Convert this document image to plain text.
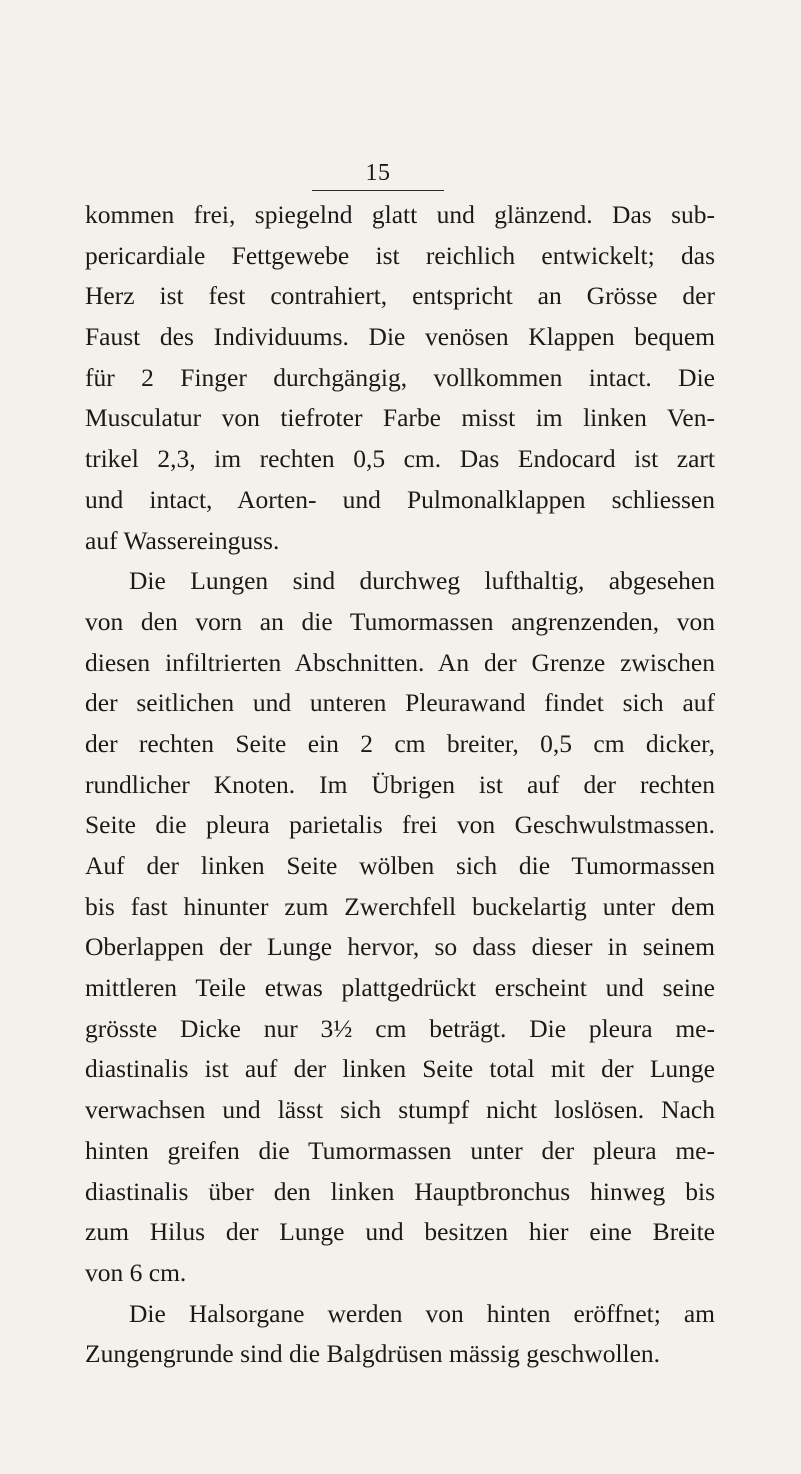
15
kommen frei, spiegelnd glatt und glänzend. Das sub-
pericardiale Fettgewebe ist reichlich entwickelt; das
Herz ist fest contrahiert, entspricht an Grösse der
Faust des Individuums. Die venösen Klappen bequem
für 2 Finger durchgängig, vollkommen intact. Die
Musculatur von tiefroter Farbe misst im linken Ven-
trikel 2,3, im rechten 0,5 cm. Das Endocard ist zart
und intact, Aorten- und Pulmonalklappen schliessen
auf Wassereinguss.
Die Lungen sind durchweg lufthaltig, abgesehen
von den vorn an die Tumormassen angrenzenden, von
diesen infiltrierten Abschnitten. An der Grenze zwischen
der seitlichen und unteren Pleurawand findet sich auf
der rechten Seite ein 2 cm breiter, 0,5 cm dicker,
rundlicher Knoten. Im Übrigen ist auf der rechten
Seite die pleura parietalis frei von Geschwulstmassen.
Auf der linken Seite wölben sich die Tumormassen
bis fast hinunter zum Zwerchfell buckelartig unter dem
Oberlappen der Lunge hervor, so dass dieser in seinem
mittleren Teile etwas plattgedrückt erscheint und seine
grösste Dicke nur 3½ cm beträgt. Die pleura me-
diastinalis ist auf der linken Seite total mit der Lunge
verwachsen und lässt sich stumpf nicht loslösen. Nach
hinten greifen die Tumormassen unter der pleura me-
diastinalis über den linken Hauptbronchus hinweg bis
zum Hilus der Lunge und besitzen hier eine Breite
von 6 cm.
Die Halsorgane werden von hinten eröffnet; am
Zungengrunde sind die Balgdrüsen mässig geschwollen.
